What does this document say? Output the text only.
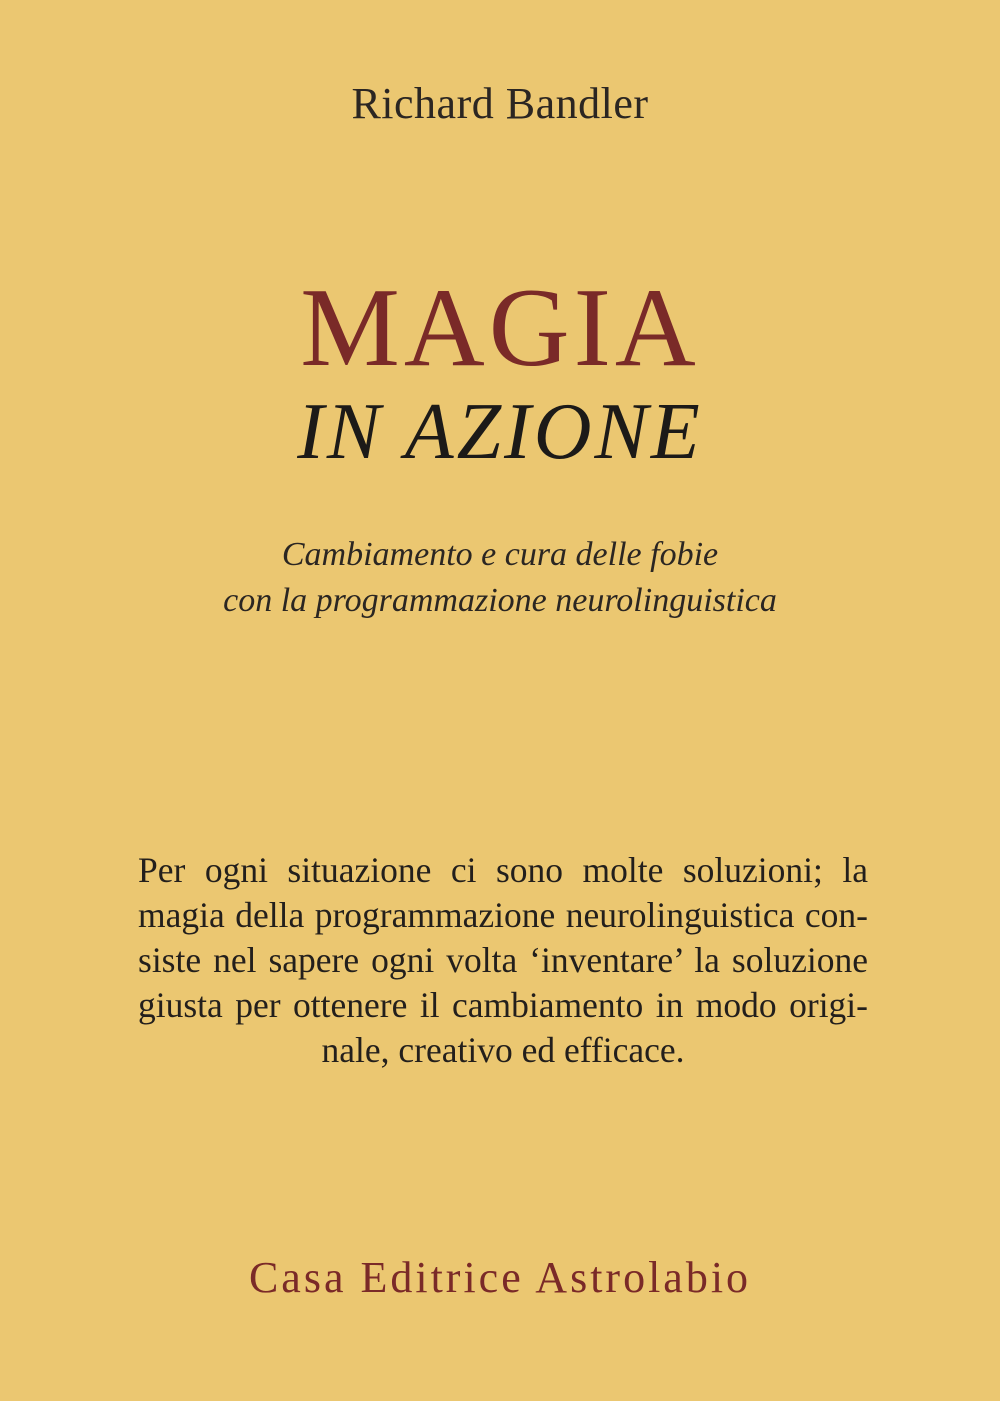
Richard Bandler
MAGIA
IN AZIONE
Cambiamento e cura delle fobie
con la programmazione neurolinguistica
Per ogni situazione ci sono molte soluzioni; la
magia della programmazione neurolinguistica con-
siste nel sapere ogni volta ‘inventare’ la soluzione
giusta per ottenere il cambiamento in modo origi-
nale, creativo ed efficace.
Casa Editrice Astrolabio
